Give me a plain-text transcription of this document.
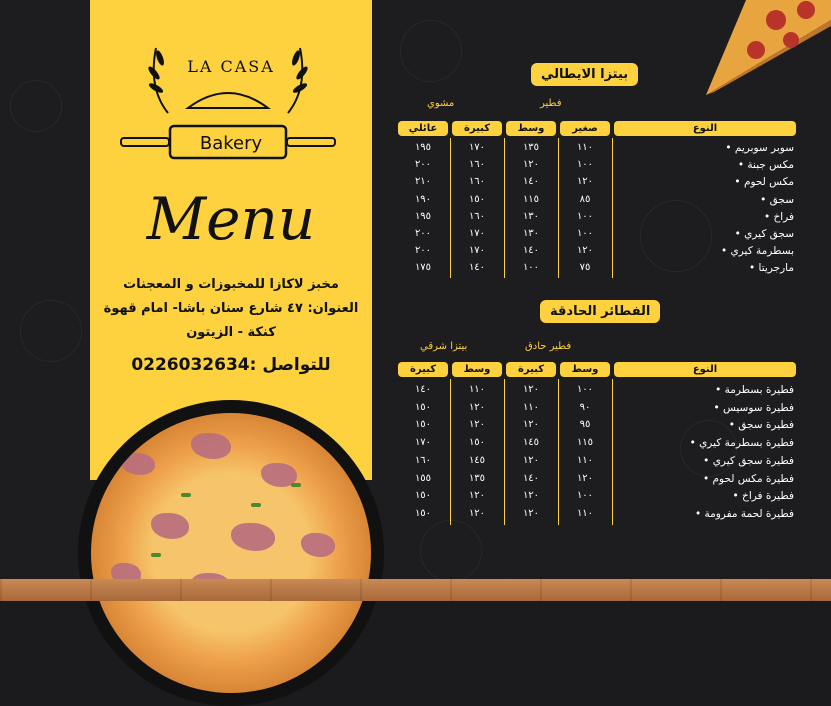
LA CASA
Bakery
Menu
مخبز لاكازا للمخبوزات و المعجنات
العنوان: ٤٧ شارع سنان باشا- امام قهوة
كنكة - الزيتون
للتواصل :0226032634
بيتزا الايطالي
فطير
مشوي
النوع
صغير
وسط
كبيرة
عائلي
سوبر سوبريم •
١١٠
١٣٥
١٧٠
١٩٥
مكس جبنة •
١٠٠
١٢٠
١٦٠
٢٠٠
مكس لحوم •
١٢٠
١٤٠
١٦٠
٢١٠
سجق •
٨٥
١١٥
١٥٠
١٩٠
فراخ •
١٠٠
١٣٠
١٦٠
١٩٥
سجق كيري •
١٠٠
١٣٠
١٧٠
٢٠٠
بسطرمة كيري •
١٢٠
١٤٠
١٧٠
٢٠٠
مارجريتا •
٧٥
١٠٠
١٤٠
١٧٥
الفطائر الحادقة
فطير حادق
بيتزا شرقي
النوع
وسط
كبيرة
وسط
كبيرة
فطيرة بسطرمة •
١٠٠
١٢٠
١١٠
١٤٠
فطيرة سوسيس •
٩٠
١١٠
١٢٠
١٥٠
فطيرة سجق •
٩٥
١٢٠
١٢٠
١٥٠
فطيرة بسطرمة كيري •
١١٥
١٤٥
١٥٠
١٧٠
فطيرة سجق كيري •
١١٠
١٢٠
١٤٥
١٦٠
فطيرة مكس لحوم •
١٢٠
١٤٠
١٣٥
١٥٥
فطيرة فراخ •
١٠٠
١٢٠
١٢٠
١٥٠
فطيرة لحمة مفرومة •
١١٠
١٢٠
١٢٠
١٥٠
